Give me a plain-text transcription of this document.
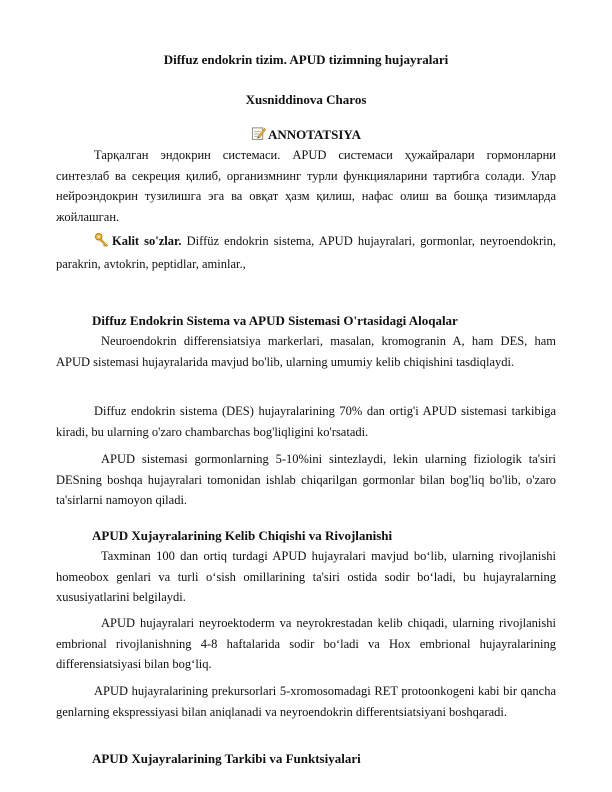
Diffuz endokrin tizim. APUD tizimning hujayralari
Xusniddinova Charos
ANNOTATSIYA
Тарқалган эндокрин системаси. APUD системаси ҳужайралари гормонларни синтезлаб ва секреция қилиб, организмнинг турли функцияларини тартибга солади. Улар нейроэндокрин тузилишга эга ва овқат ҳазм қилиш, нафас олиш ва бошқа тизимларда жойлашган.
Kalit so'zlar. Diffüz endokrin sistema, APUD hujayralari, gormonlar, neyroendokrin, parakrin, avtokrin, peptidlar, aminlar.,
Diffuz Endokrin Sistema va APUD Sistemasi O'rtasidagi Aloqalar
Neuroendokrin differensiatsiya markerlari, masalan, kromogranin A, ham DES, ham APUD sistemasi hujayralarida mavjud bo'lib, ularning umumiy kelib chiqishini tasdiqlaydi.
Diffuz endokrin sistema (DES) hujayralarining 70% dan ortig'i APUD sistemasi tarkibiga kiradi, bu ularning o'zaro chambarchas bog'liqligini ko'rsatadi.
APUD sistemasi gormonlarning 5-10%ini sintezlaydi, lekin ularning fiziologik ta'siri DESning boshqa hujayralari tomonidan ishlab chiqarilgan gormonlar bilan bog'liq bo'lib, o'zaro ta'sirlarni namoyon qiladi.
APUD Xujayralarining Kelib Chiqishi va Rivojlanishi
Taxminan 100 dan ortiq turdagi APUD hujayralari mavjud bo‘lib, ularning rivojlanishi homeobox genlari va turli o‘sish omillarining ta'siri ostida sodir bo‘ladi, bu hujayralarning xususiyatlarini belgilaydi.
APUD hujayralari neyroektoderm va neyrokrestadan kelib chiqadi, ularning rivojlanishi embrional rivojlanishning 4-8 haftalarida sodir bo‘ladi va Hox embrional hujayralarining differensiatsiyasi bilan bog‘liq.
APUD hujayralarining prekursorlari 5-xromosomadagi RET protoonkogeni kabi bir qancha genlarning ekspressiyasi bilan aniqlanadi va neyroendokrin differentsiatsiyani boshqaradi.
APUD Xujayralarining Tarkibi va Funktsiyalari
